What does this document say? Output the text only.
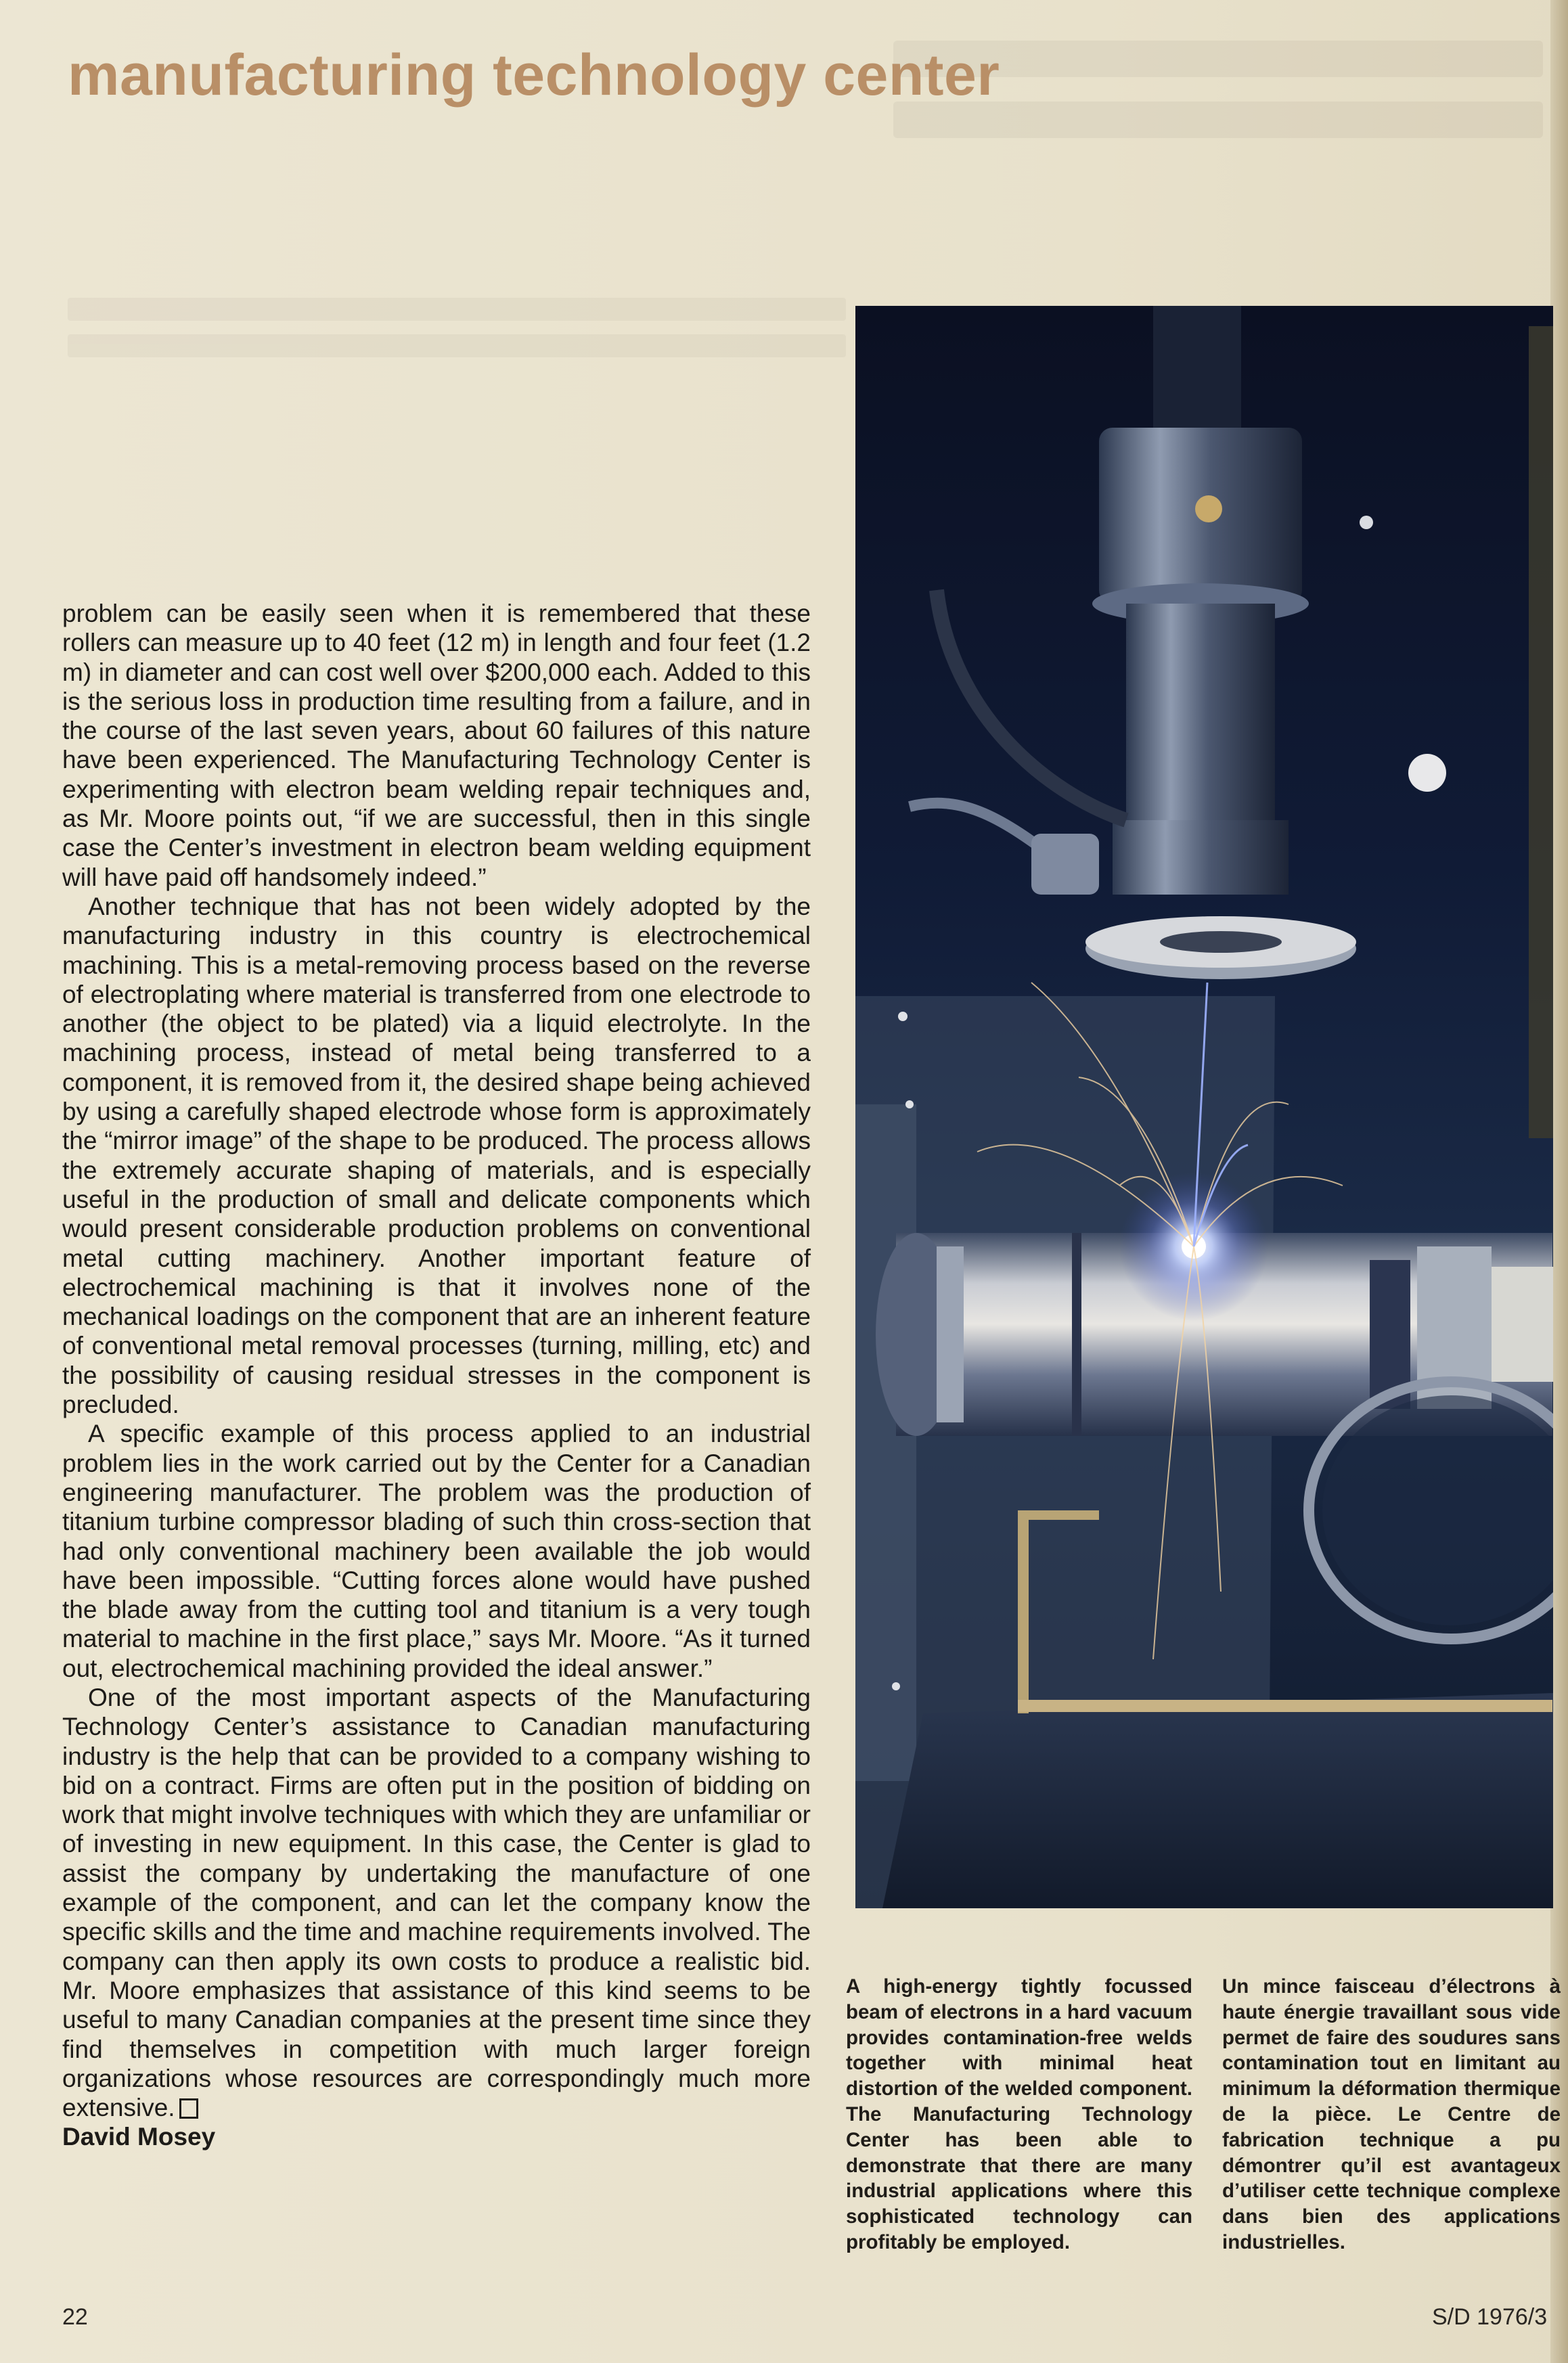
manufacturing technology center

problem can be easily seen when it is remembered that these rollers can measure up to 40 feet (12 m) in length and four feet (1.2 m) in diameter and can cost well over $200,000 each. Added to this is the serious loss in production time resulting from a failure, and in the course of the last seven years, about 60 failures of this nature have been experienced. The Manufacturing Technology Center is experimenting with electron beam welding repair techniques and, as Mr. Moore points out, “if we are successful, then in this single case the Center’s investment in electron beam welding equipment will have paid off handsomely indeed.”

Another technique that has not been widely adopted by the manufacturing industry in this country is electrochemical machining. This is a metal-removing process based on the reverse of electroplating where material is transferred from one electrode to another (the object to be plated) via a liquid electrolyte. In the machining process, instead of metal being transferred to a component, it is removed from it, the desired shape being achieved by using a carefully shaped electrode whose form is approximately the “mirror image” of the shape to be produced. The process allows the extremely accurate shaping of materials, and is especially useful in the production of small and delicate components which would present considerable production problems on conventional metal cutting machinery. Another important feature of electrochemical machining is that it involves none of the mechanical loadings on the component that are an inherent feature of conventional metal removal processes (turning, milling, etc) and the possibility of causing residual stresses in the component is precluded.

A specific example of this process applied to an industrial problem lies in the work carried out by the Center for a Canadian engineering manufacturer. The problem was the production of titanium turbine compressor blading of such thin cross-section that had only conventional machinery been available the job would have been impossible. “Cutting forces alone would have pushed the blade away from the cutting tool and titanium is a very tough material to machine in the first place,” says Mr. Moore. “As it turned out, electrochemical machining provided the ideal answer.”

One of the most important aspects of the Manufacturing Technology Center’s assistance to Canadian manufacturing industry is the help that can be provided to a company wishing to bid on a contract. Firms are often put in the position of bidding on work that might involve techniques with which they are unfamiliar or of investing in new equipment. In this case, the Center is glad to assist the company by undertaking the manufacture of one example of the component, and can let the company know the specific skills and the time and machine requirements involved. The company can then apply its own costs to produce a realistic bid. Mr. Moore emphasizes that assistance of this kind seems to be useful to many Canadian companies at the present time since they find themselves in competition with much larger foreign organizations whose resources are correspondingly much more extensive.

David Mosey

A high-energy tightly focussed beam of electrons in a hard vacuum provides contamination-free welds together with minimal heat distortion of the welded component. The Manufacturing Technology Center has been able to demonstrate that there are many industrial applications where this sophisticated technology can profitably be employed.
Un mince faisceau d’électrons à haute énergie travaillant sous vide permet de faire des soudures sans contamination tout en limitant au minimum la déformation thermique de la pièce. Le Centre de fabrication technique a pu démontrer qu’il est avantageux d’utiliser cette technique complexe dans bien des applications industrielles.
22	S/D 1976/3
